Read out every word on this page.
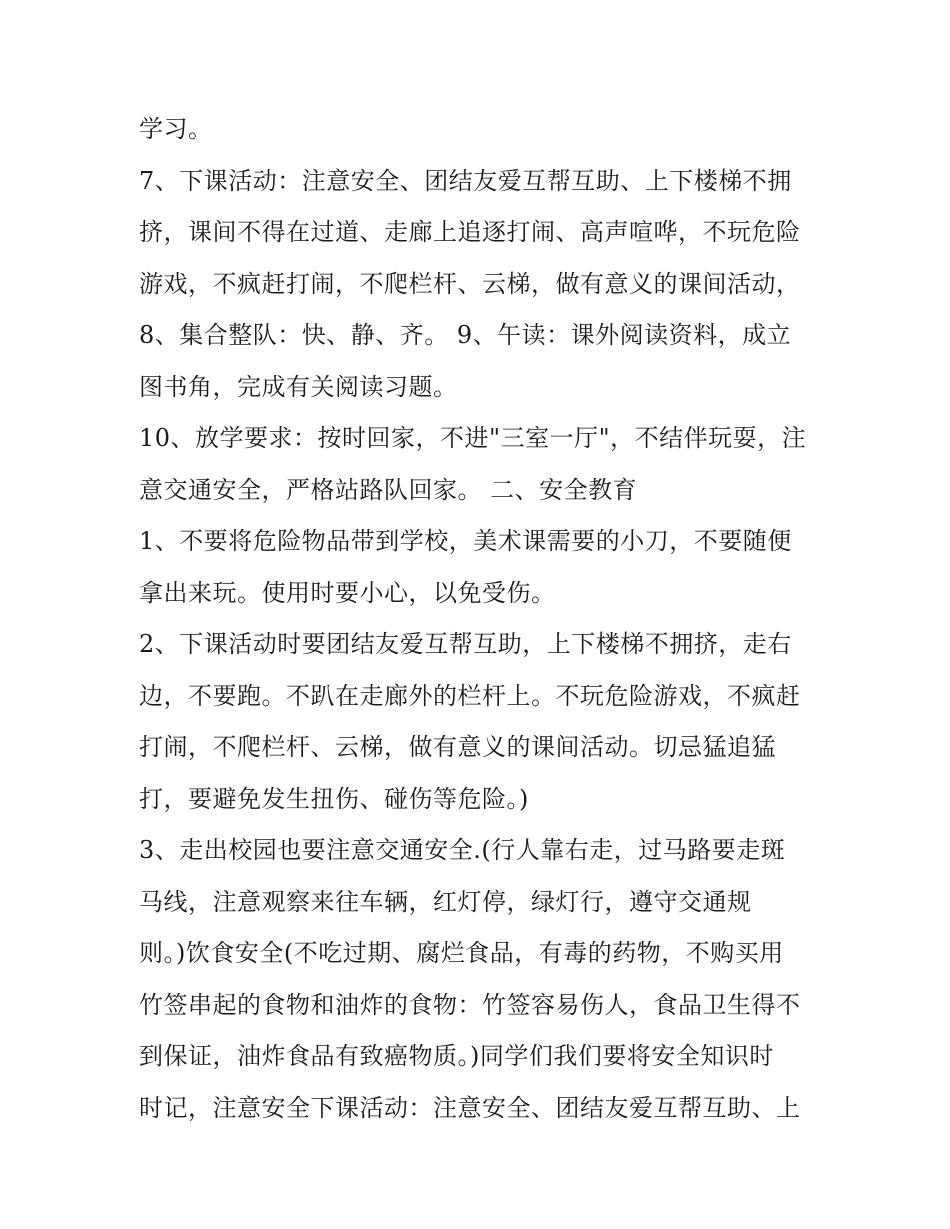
学习。
7、下课活动：注意安全、团结友爱互帮互助、上下楼梯不拥
挤，课间不得在过道、走廊上追逐打闹、高声喧哗，不玩危险
游戏，不疯赶打闹，不爬栏杆、云梯，做有意义的课间活动，
8、集合整队：快、静、齐。 9、午读：课外阅读资料，成立
图书角，完成有关阅读习题。
10、放学要求：按时回家，不进"三室一厅"，不结伴玩耍，注
意交通安全，严格站路队回家。 二、安全教育
1、不要将危险物品带到学校，美术课需要的小刀，不要随便
拿出来玩。使用时要小心，以免受伤。
2、下课活动时要团结友爱互帮互助，上下楼梯不拥挤，走右
边，不要跑。不趴在走廊外的栏杆上。不玩危险游戏，不疯赶
打闹，不爬栏杆、云梯，做有意义的课间活动。切忌猛追猛
打，要避免发生扭伤、碰伤等危险。)
3、走出校园也要注意交通安全.(行人靠右走，过马路要走斑
马线，注意观察来往车辆，红灯停，绿灯行，遵守交通规
则。)饮食安全(不吃过期、腐烂食品，有毒的药物，不购买用
竹签串起的食物和油炸的食物：竹签容易伤人，食品卫生得不
到保证，油炸食品有致癌物质。)同学们我们要将安全知识时
时记，注意安全下课活动：注意安全、团结友爱互帮互助、上
